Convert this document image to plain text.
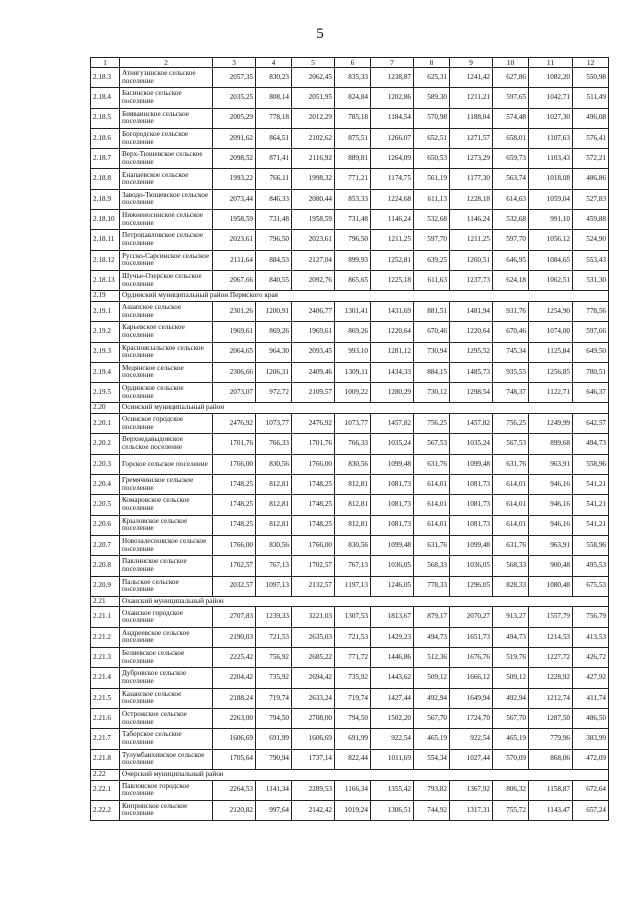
5
1	2	3	4	5	6	7	8	9	10	11	12
2.18.3	Атнягузинское сельское поселение	2057,35	830,23	2062,45	835,33	1238,87	625,31	1241,42	627,86	1082,20	550,98
2.18.4	Басинское сельское поселение	2035,25	808,14	2051,95	824,84	1202,86	589,30	1211,21	597,65	1042,71	511,49
2.18.5	Бияваинское сельское поселение	2005,29	778,18	2012,29	785,18	1184,54	570,98	1188,04	574,48	1027,30	496,08
2.18.6	Богородское сельское поселение	2091,62	864,51	2102,62	875,51	1266,07	652,51	1271,57	658,01	1107,63	576,41
2.18.7	Верх-Тюшевское сельское поселение	2098,52	871,41	2116,92	889,81	1264,09	650,53	1273,29	659,73	1103,43	572,21
2.18.8	Енапаевское сельское поселение	1993,22	766,11	1998,32	771,21	1174,75	561,19	1177,30	563,74	1018,08	486,86
2.18.9	Заводо-Тюшевское сельское поселение	2073,44	846,33	2080,44	853,33	1224,68	611,13	1228,18	614,63	1059,04	527,83
2.18.10	Нижнеиосинское сельское поселение	1958,59	731,48	1958,59	731,48	1146,24	532,68	1146,24	532,68	991,10	459,88
2.18.11	Петропавловское сельское поселение	2023,61	796,50	2023,61	796,50	1211,25	597,70	1211,25	597,70	1056,12	524,90
2.18.12	Русско-Сарсинское сельское поселение	2111,64	884,53	2127,04	899,93	1252,81	639,25	1260,51	646,95	1084,65	553,43
2.18.13	Шучье-Озерское сельское поселение	2067,66	840,55	2092,76	865,65	1225,18	611,63	1237,73	624,18	1062,51	531,30
2.19	Ординский муниципальный район Пермского края										
2.19.1	Ашапское сельское поселение	2301,26	1200,91	2406,77	1301,41	1431,69	881,51	1481,94	931,76	1254,90	778,56
2.19.2	Карьевское сельское поселение	1969,61	869,26	1969,61	869,26	1220,64	670,46	1220,64	670,46	1074,00	597,66
2.19.3	Красноясыльское сельское поселение	2064,65	964,30	2093,45	993,10	1281,12	730,94	1295,52	745,34	1125,84	649,50
2.19.4	Медянское сельское поселение	2306,66	1206,31	2409,46	1309,11	1434,33	884,15	1485,73	935,55	1256,85	780,51
2.19.5	Ординское сельское поселение	2073,07	972,72	2109,57	1009,22	1280,29	730,12	1298,54	748,37	1122,71	646,37
2.20	Осинский муниципальный район										
2.20.1	Осинское городское поселение	2476,92	1073,77	2476,92	1073,77	1457,82	756,25	1457,82	756,25	1249,99	642,57
2.20.2	Верхнедавыдовское сельское поселение	1701,76	766,33	1701,76	766,33	1035,24	567,53	1035,24	567,53	899,68	494,73
2.20.3	Горское сельское поселение	1766,00	830,56	1766,00	830,56	1099,48	631,76	1099,48	631,76	963,91	558,96
2.20.4	Гремячинское сельское поселение	1748,25	812,81	1748,25	812,81	1081,73	614,01	1081,73	614,01	946,16	541,21
2.20.5	Комаровское сельское поселение	1748,25	812,81	1748,25	812,81	1081,73	614,01	1081,73	614,01	946,16	541,21
2.20.6	Крыловское сельское поселение	1748,25	812,81	1748,25	812,81	1081,73	614,01	1081,73	614,01	946,16	541,21
2.20.7	Новозалесновское сельское поселение	1766,00	830,56	1766,00	830,56	1099,48	631,76	1099,48	631,76	963,91	558,96
2.20.8	Паклинское сельское поселение	1702,57	767,13	1702,57	767,13	1036,05	568,33	1036,05	568,33	900,48	495,53
2.20.9	Пальское сельское поселение	2032,57	1097,13	2132,57	1197,13	1246,05	778,33	1296,05	828,33	1080,48	675,53
2.21	Оханский муниципальный район										
2.21.1	Оханское городское поселение	2707,83	1239,33	3221,03	1307,53	1813,67	879,17	2070,27	913,27	1557,79	756,79
2.21.2	Андреевское сельское поселение	2190,03	721,53	2635,03	721,53	1429,23	494,73	1651,73	494,73	1214,53	413,53
2.21.3	Беляевское сельское поселение	2225,42	756,92	2685,22	771,72	1446,86	512,36	1676,76	519,76	1227,72	426,72
2.21.4	Дубровское сельское поселение	2204,42	735,92	2694,42	735,92	1443,62	509,12	1666,12	509,12	1228,92	427,92
2.21.5	Казанское сельское поселение	2188,24	719,74	2633,24	719,74	1427,44	492,94	1649,94	492,94	1212,74	411,74
2.21.6	Острожское сельское поселение	2263,00	794,50	2708,00	794,50	1502,20	567,70	1724,70	567,70	1287,50	486,50
2.21.7	Таборское сельское поселение	1606,69	691,99	1606,69	691,99	922,54	465,19	922,54	465,19	779,96	383,99
2.21.8	Тулумбаихинское сельское поселение	1705,64	790,94	1737,14	822,44	1011,69	554,34	1027,44	570,09	868,06	472,09
2.22	Очерский муниципальный район										
2.22.1	Павловское городское поселение	2264,53	1141,34	2289,53	1166,34	1355,42	793,82	1367,92	806,32	1158,87	672,64
2.22.2	Кипринское сельское поселение	2120,82	997,64	2142,42	1019,24	1306,51	744,92	1317,31	755,72	1143,47	657,24
